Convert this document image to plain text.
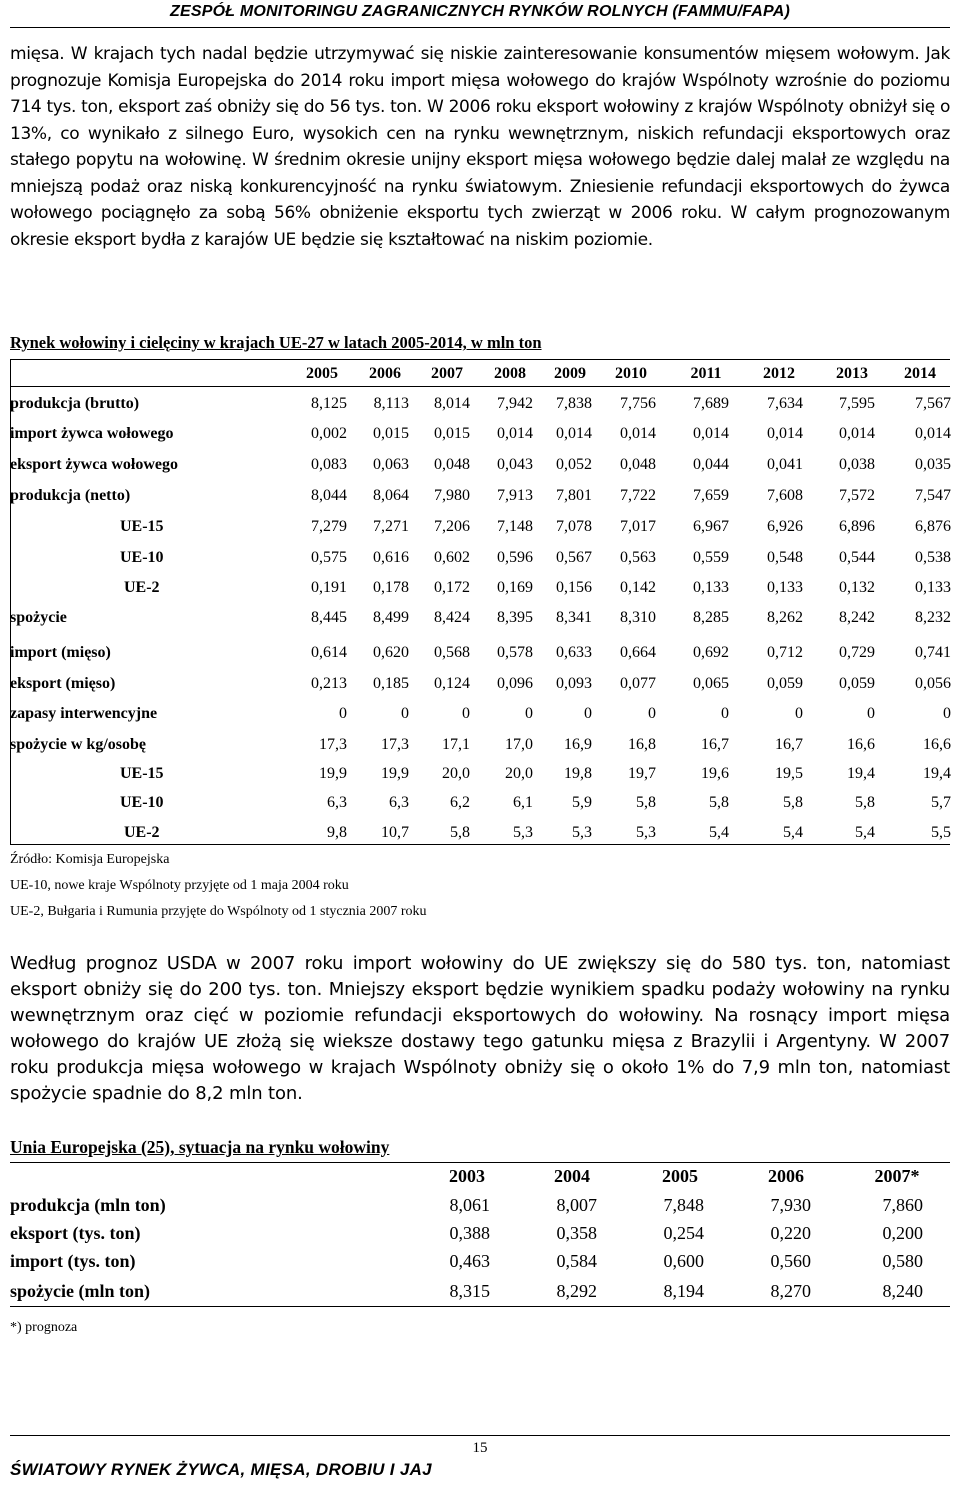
ZESPÓŁ MONITORINGU ZAGRANICZNYCH RYNKÓW ROLNYCH (FAMMU/FAPA)

mięsa. W krajach tych nadal będzie utrzymywać się niskie zainteresowanie konsumentów mięsem wołowym. Jak prognozuje Komisja Europejska do 2014 roku import mięsa wołowego do krajów Wspólnoty wzrośnie do poziomu 714 tys. ton, eksport zaś obniży się do 56 tys. ton. W 2006 roku eksport wołowiny z krajów Wspólnoty obniżył się o 13%, co wynikało z silnego Euro, wysokich cen na rynku wewnętrznym, niskich refundacji eksportowych oraz stałego popytu na wołowinę. W średnim okresie unijny eksport mięsa wołowego będzie dalej malał ze względu na mniejszą podaż oraz niską konkurencyjność na rynku światowym. Zniesienie refundacji eksportowych do żywca wołowego pociągnęło za sobą 56% obniżenie eksportu tych zwierząt w 2006 roku. W całym prognozowanym okresie eksport bydła z karajów UE będzie się kształtować na niskim poziomie.

Rynek wołowiny i cielęciny w krajach UE-27 w latach 2005-2014, w mln ton
2005	2006	2007	2008	2009	2010	2011	2012	2013	2014
produkcja (brutto)	8,125	8,113	8,014	7,942	7,838	7,756	7,689	7,634	7,595	7,567
import żywca wołowego	0,002	0,015	0,015	0,014	0,014	0,014	0,014	0,014	0,014	0,014
eksport żywca wołowego	0,083	0,063	0,048	0,043	0,052	0,048	0,044	0,041	0,038	0,035
produkcja (netto)	8,044	8,064	7,980	7,913	7,801	7,722	7,659	7,608	7,572	7,547
UE-15	7,279	7,271	7,206	7,148	7,078	7,017	6,967	6,926	6,896	6,876
UE-10	0,575	0,616	0,602	0,596	0,567	0,563	0,559	0,548	0,544	0,538
UE-2	0,191	0,178	0,172	0,169	0,156	0,142	0,133	0,133	0,132	0,133
spożycie	8,445	8,499	8,424	8,395	8,341	8,310	8,285	8,262	8,242	8,232
import (mięso)	0,614	0,620	0,568	0,578	0,633	0,664	0,692	0,712	0,729	0,741
eksport (mięso)	0,213	0,185	0,124	0,096	0,093	0,077	0,065	0,059	0,059	0,056
zapasy interwencyjne	0	0	0	0	0	0	0	0	0	0
spożycie w kg/osobę	17,3	17,3	17,1	17,0	16,9	16,8	16,7	16,7	16,6	16,6
UE-15	19,9	19,9	20,0	20,0	19,8	19,7	19,6	19,5	19,4	19,4
UE-10	6,3	6,3	6,2	6,1	5,9	5,8	5,8	5,8	5,8	5,7
UE-2	9,8	10,7	5,8	5,3	5,3	5,3	5,4	5,4	5,4	5,5
Źródło: Komisja Europejska
UE-10, nowe kraje Wspólnoty przyjęte od 1 maja 2004 roku
UE-2, Bułgaria i Rumunia przyjęte do Wspólnoty od 1 stycznia 2007 roku

Według prognoz USDA w 2007 roku import wołowiny do UE zwiększy się do 580 tys. ton, natomiast eksport obniży się do 200 tys. ton. Mniejszy eksport będzie wynikiem spadku podaży wołowiny na rynku wewnętrznym oraz cięć w poziomie refundacji eksportowych do wołowiny. Na rosnący import mięsa wołowego do krajów UE złożą się wieksze dostawy tego gatunku mięsa z Brazylii i Argentyny. W 2007 roku produkcja mięsa wołowego w krajach Wspólnoty obniży się o około 1% do 7,9 mln ton, natomiast spożycie spadnie do 8,2 mln ton.

Unia Europejska (25), sytuacja na rynku wołowiny
2003	2004	2005	2006	2007*
produkcja (mln ton)	8,061	8,007	7,848	7,930	7,860
eksport (tys. ton)	0,388	0,358	0,254	0,220	0,200
import (tys. ton)	0,463	0,584	0,600	0,560	0,580
spożycie (mln ton)	8,315	8,292	8,194	8,270	8,240
*) prognoza
15
ŚWIATOWY RYNEK ŻYWCA, MIĘSA, DROBIU I JAJ
